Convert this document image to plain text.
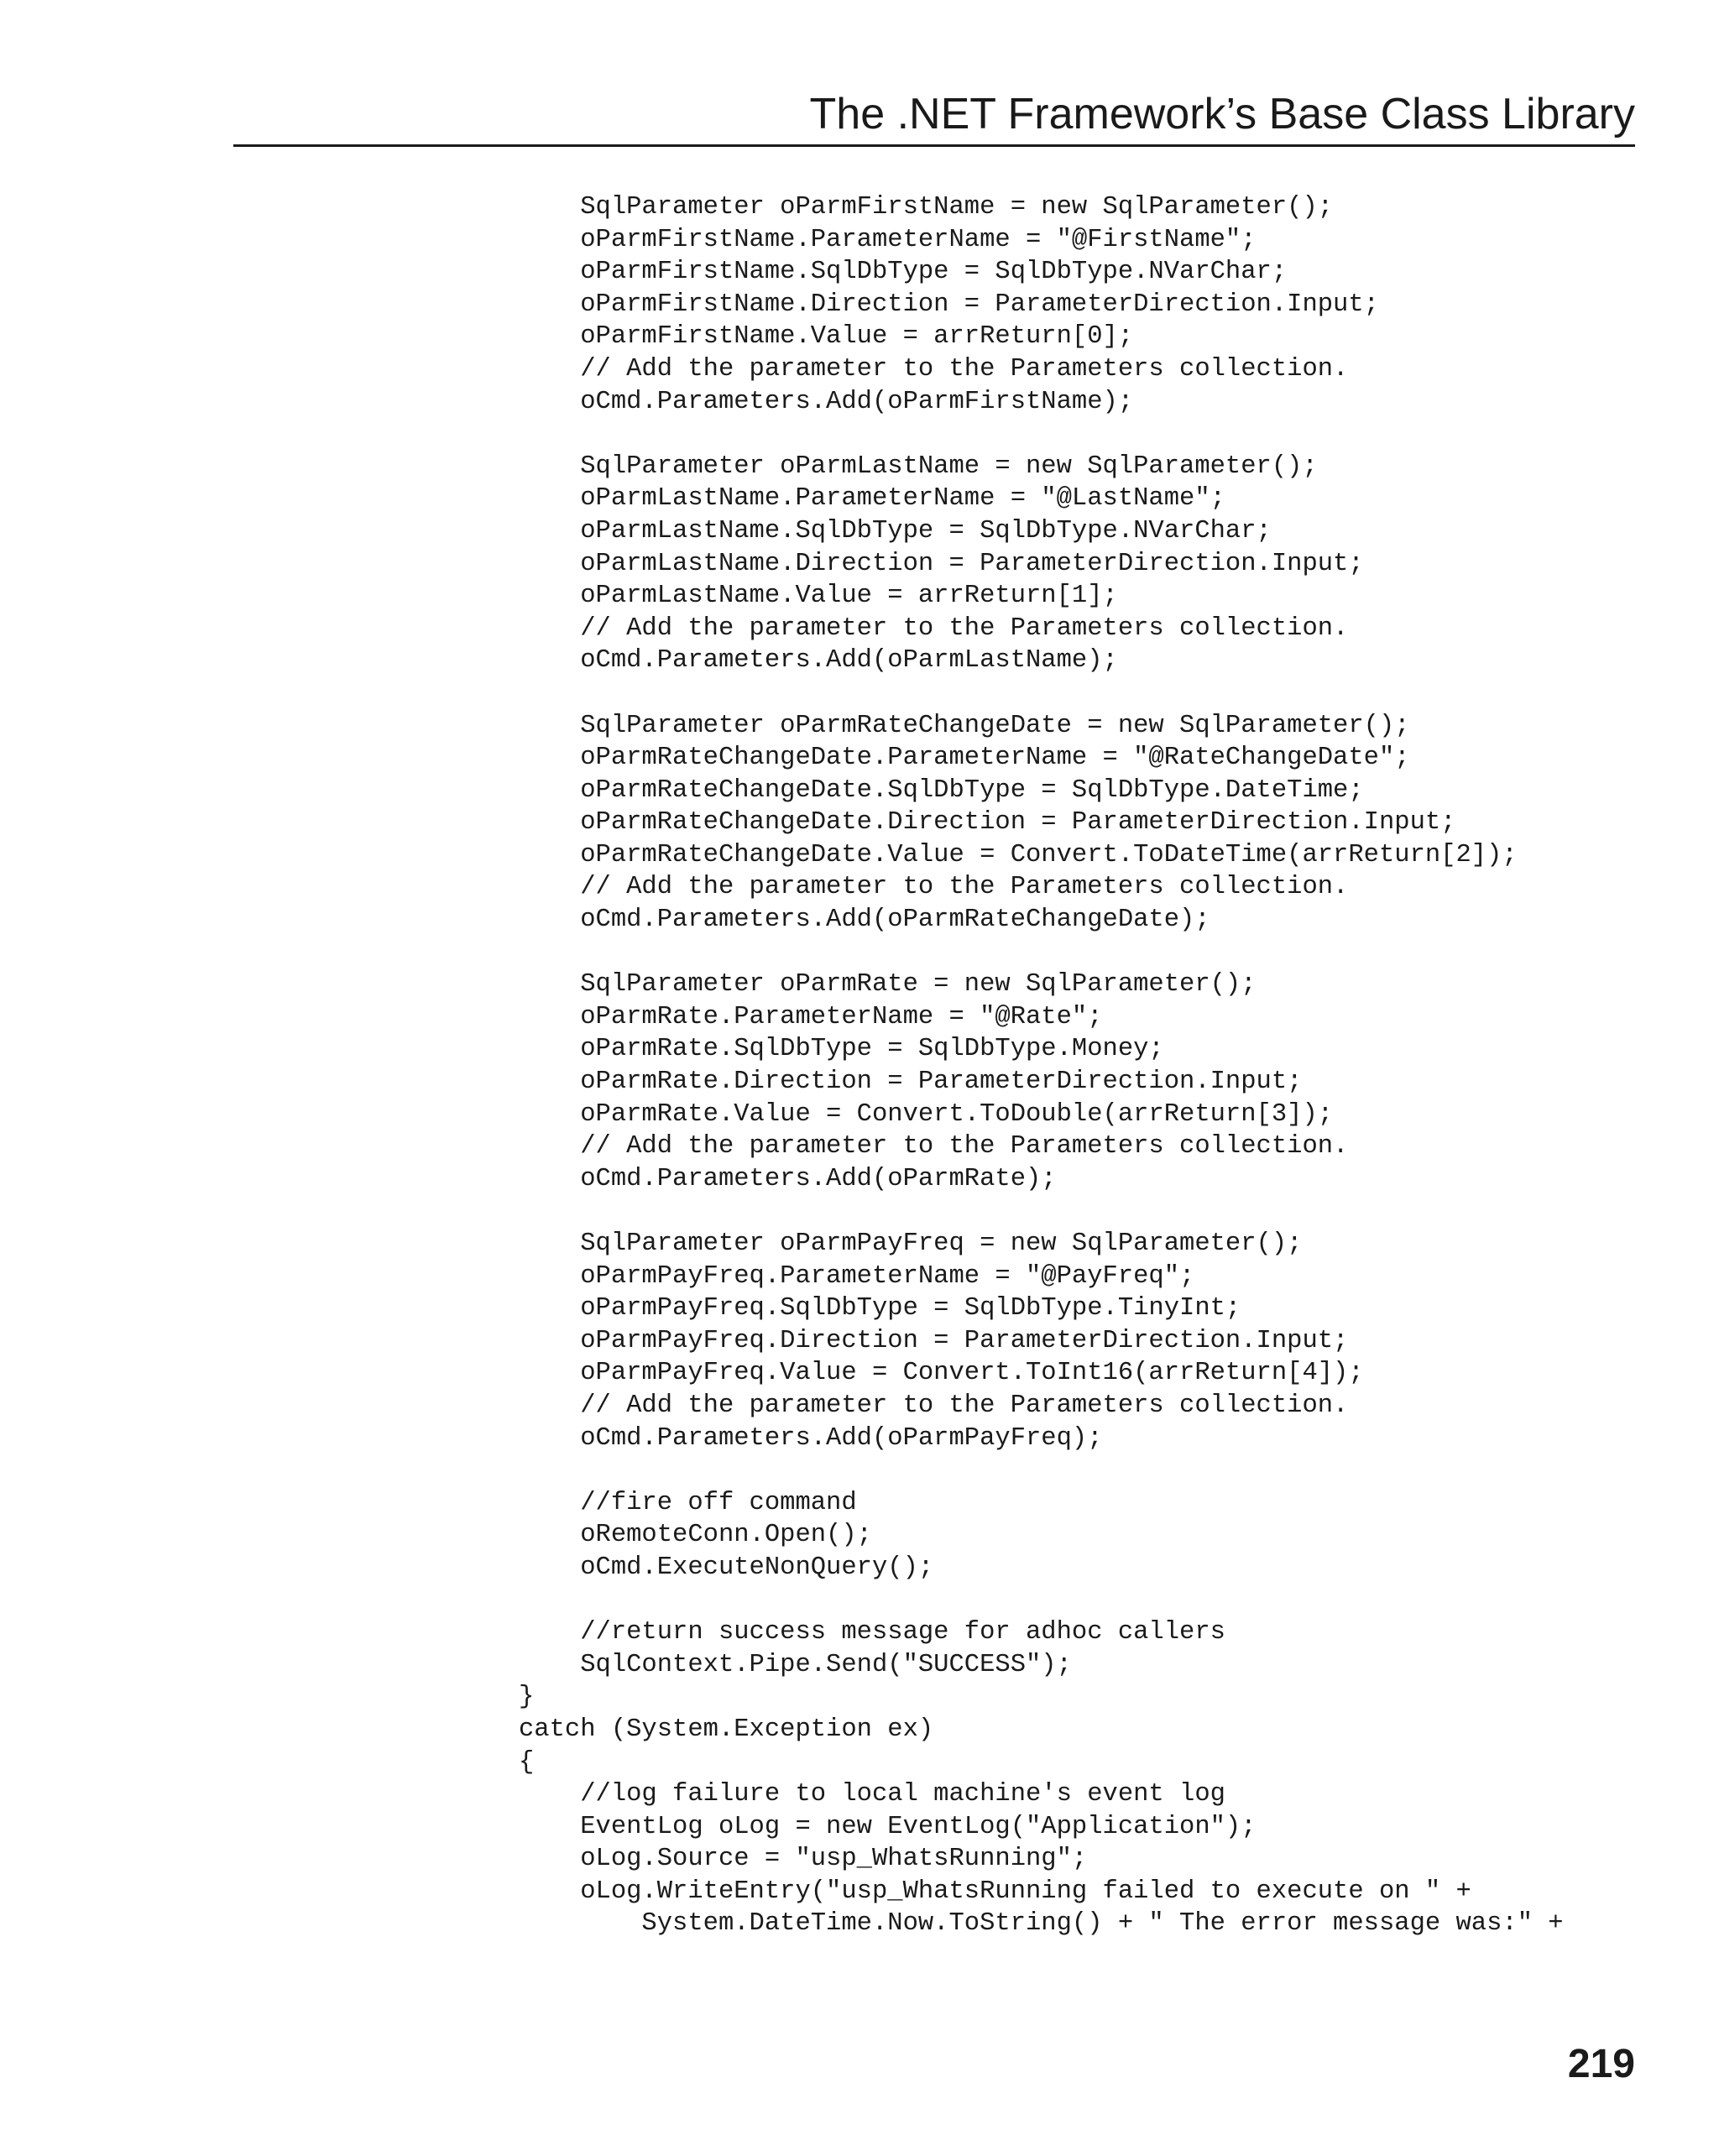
The .NET Framework’s Base Class Library
SqlParameter oParmFirstName = new SqlParameter();
oParmFirstName.ParameterName = "@FirstName";
oParmFirstName.SqlDbType = SqlDbType.NVarChar;
oParmFirstName.Direction = ParameterDirection.Input;
oParmFirstName.Value = arrReturn[0];
// Add the parameter to the Parameters collection.
oCmd.Parameters.Add(oParmFirstName);
SqlParameter oParmLastName = new SqlParameter();
oParmLastName.ParameterName = "@LastName";
oParmLastName.SqlDbType = SqlDbType.NVarChar;
oParmLastName.Direction = ParameterDirection.Input;
oParmLastName.Value = arrReturn[1];
// Add the parameter to the Parameters collection.
oCmd.Parameters.Add(oParmLastName);
SqlParameter oParmRateChangeDate = new SqlParameter();
oParmRateChangeDate.ParameterName = "@RateChangeDate";
oParmRateChangeDate.SqlDbType = SqlDbType.DateTime;
oParmRateChangeDate.Direction = ParameterDirection.Input;
oParmRateChangeDate.Value = Convert.ToDateTime(arrReturn[2]);
// Add the parameter to the Parameters collection.
oCmd.Parameters.Add(oParmRateChangeDate);
SqlParameter oParmRate = new SqlParameter();
oParmRate.ParameterName = "@Rate";
oParmRate.SqlDbType = SqlDbType.Money;
oParmRate.Direction = ParameterDirection.Input;
oParmRate.Value = Convert.ToDouble(arrReturn[3]);
// Add the parameter to the Parameters collection.
oCmd.Parameters.Add(oParmRate);
SqlParameter oParmPayFreq = new SqlParameter();
oParmPayFreq.ParameterName = "@PayFreq";
oParmPayFreq.SqlDbType = SqlDbType.TinyInt;
oParmPayFreq.Direction = ParameterDirection.Input;
oParmPayFreq.Value = Convert.ToInt16(arrReturn[4]);
// Add the parameter to the Parameters collection.
oCmd.Parameters.Add(oParmPayFreq);
//fire off command
oRemoteConn.Open();
oCmd.ExecuteNonQuery();
//return success message for adhoc callers
SqlContext.Pipe.Send("SUCCESS");
}
catch (System.Exception ex)
{
//log failure to local machine's event log
EventLog oLog = new EventLog("Application");
oLog.Source = "usp_WhatsRunning";
oLog.WriteEntry("usp_WhatsRunning failed to execute on " +
System.DateTime.Now.ToString() + " The error message was:" +
219
